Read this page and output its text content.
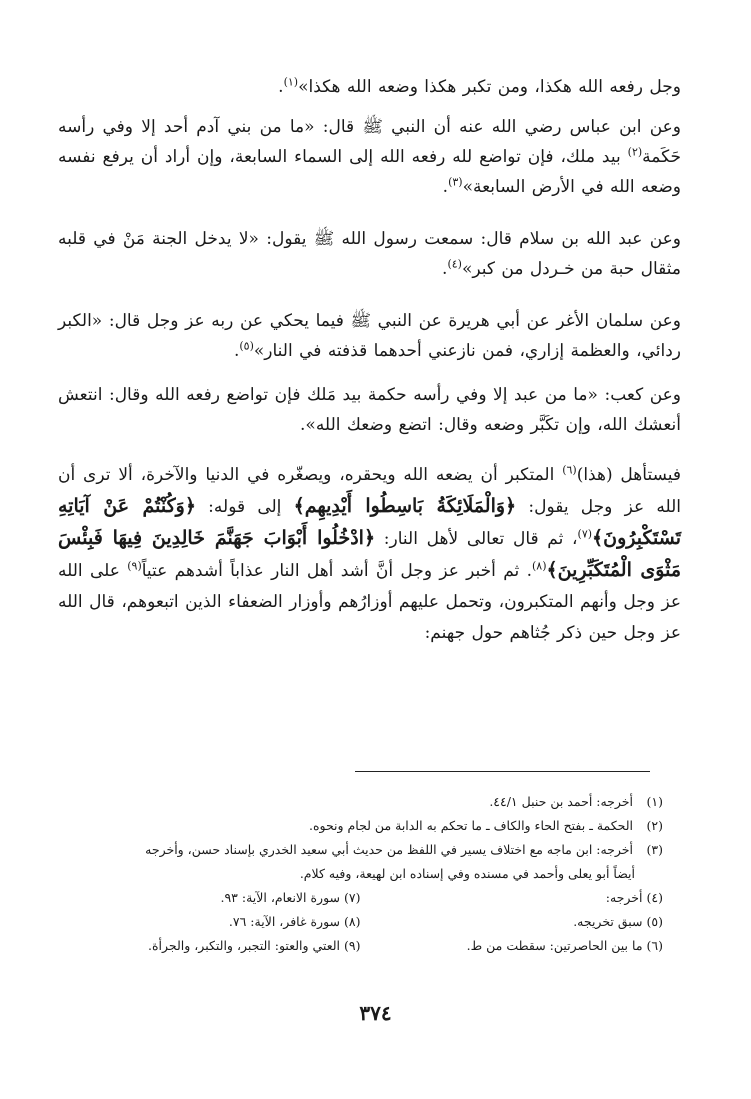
وجل رفعه الله هكذا، ومن تكبر هكذا وضعه الله هكذا»$^{(١)}$.

وعن ابن عباس رضي الله عنه أن النبي ﷺ قال: «ما من بني آدم أحد إلا وفي رأسه حَكَمة$^{(٢)}$ بيد ملك، فإن تواضع لله رفعه الله إلى السماء السابعة، وإن أراد أن يرفع نفسه وضعه الله في الأرض السابعة»$^{(٣)}$.

وعن عبد الله بن سلام قال: سمعت رسول الله ﷺ يقول: «لا يدخل الجنة مَنْ في قلبه مثقال حبة من خـردل من كبر»$^{(٤)}$.

وعن سلمان الأغر عن أبي هريرة عن النبي ﷺ فيما يحكي عن ربه عز وجل قال: «الكبر ردائي، والعظمة إزاري، فمن نازعني أحدهما قذفته في النار»$^{(٥)}$.

وعن كعب: «ما من عبد إلا وفي رأسه حكمة بيد مَلك فإن تواضع رفعه الله وقال: انتعش أنعشك الله، وإن تكَبَّر وضعه وقال: اتضع وضعك الله».

فيستأهل (هذا)$^{(٦)}$ المتكبر أن يضعه الله ويحقره، ويصغّره في الدنيا والآخرة، ألا ترى أن الله عز وجل يقول: ﴿وَالْمَلَائِكَةُ بَاسِطُوا أَيْدِيهِم﴾ إلى قوله: ﴿وَكُنْتُمْ عَنْ آيَاتِهِ تَسْتَكْبِرُونَ﴾$^{(٧)}$، ثم قال تعالى لأهل النار: ﴿ادْخُلُوا أَبْوَابَ جَهَنَّمَ خَالِدِينَ فِيهَا فَبِئْسَ مَثْوَى الْمُتَكَبِّرِينَ﴾$^{(٨)}$. ثم أخبر عز وجل أنَّ أشد أهل النار عذاباً أشدهم عتياً$^{(٩)}$ على الله عز وجل وأنهم المتكبرون، وتحمل عليهم أوزارُهم وأوزار الضعفاء الذين اتبعوهم، قال الله عز وجل حين ذكر جُثاهم حول جهنم:

(١) أخرجه: أحمد بن حنبل ٤٤/١.

(٢) الحكمة ـ بفتح الحاء والكاف ـ ما تحكم به الدابة من لجام ونحوه.

(٣) أخرجه: ابن ماجه مع اختلاف يسير في اللفظ من حديث أبي سعيد الخدري بإسناد حسن، وأخرجه

أيضاً أبو يعلى وأحمد في مسنده وفي إسناده ابن لهيعة، وفيه كلام.

(٤) أخرجه:
(٧) سورة الانعام، الآية: ٩٣.
(٥) سبق تخريجه.
(٨) سورة غافر، الآية: ٧٦.
(٦) ما بين الحاصرتين: سقطت من ط.
(٩) العتي والعتو: التجبر، والتكبر، والجرأة.
٣٧٤
